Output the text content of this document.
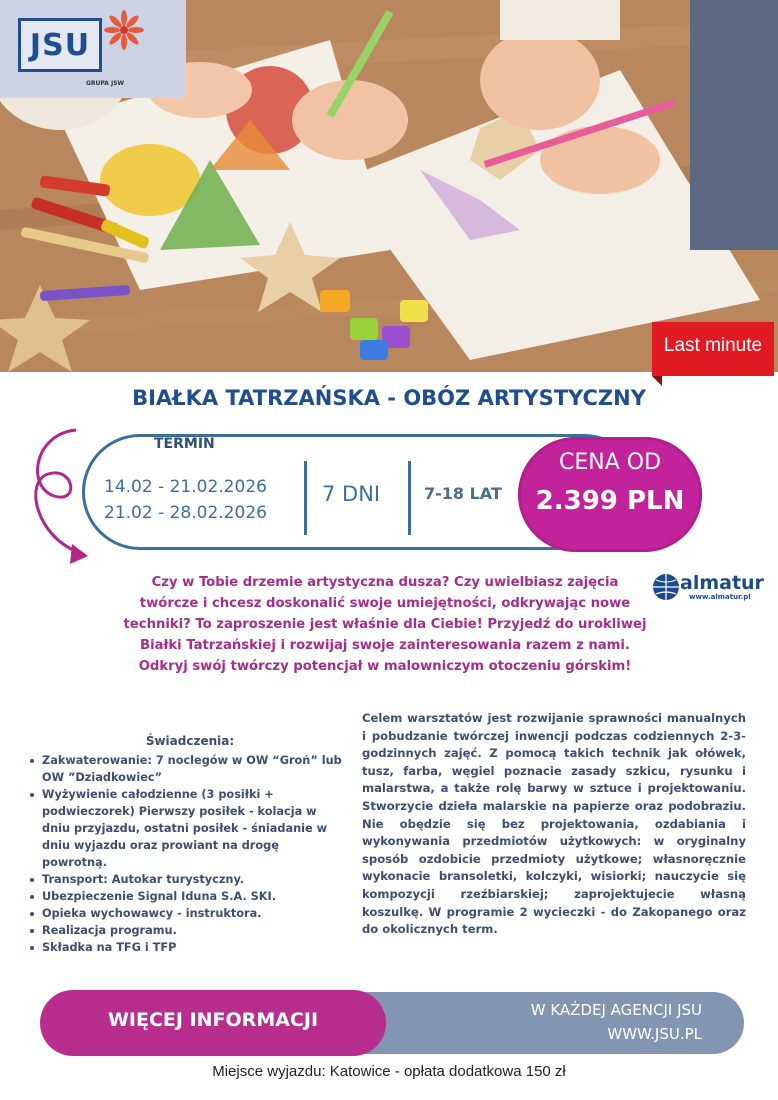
JSU
GRUPA JSW
Last minute
BIAŁKA TATRZAŃSKA - OBÓZ ARTYSTYCZNY
TERMIN
14.02 - 21.02.2026
21.02 - 28.02.2026
7 DNI	7-18 LAT
CENA OD
2.399 PLN
Czy w Tobie drzemie artystyczna dusza? Czy uwielbiasz zajęcia
twórcze i chcesz doskonalić swoje umiejętności, odkrywając nowe
techniki? To zaproszenie jest właśnie dla Ciebie! Przyjedź do urokliwej
Białki Tatrzańskiej i rozwijaj swoje zainteresowania razem z nami.
Odkryj swój twórczy potencjał w malowniczym otoczeniu górskim!
almatur
www.almatur.pl
Świadczenia:
Zakwaterowanie: 7 noclegów w OW “Groń” lub OW ”Dziadkowiec”
Wyżywienie całodzienne (3 posiłki + podwieczorek) Pierwszy posiłek - kolacja w dniu przyjazdu, ostatni posiłek - śniadanie w dniu wyjazdu oraz prowiant na drogę powrotną.
Transport: Autokar turystyczny.
Ubezpieczenie Signal Iduna S.A. SKI.
Opieka wychowawcy - instruktora.
Realizacja programu.
Składka na TFG i TFP
Celem warsztatów jest rozwijanie sprawności manualnych i pobudzanie twórczej inwencji podczas codziennych 2-3-godzinnych zajęć. Z pomocą takich technik jak ołówek, tusz, farba, węgiel poznacie zasady szkicu, rysunku i malarstwa, a także rolę barwy w sztuce i projektowaniu. Stworzycie dzieła malarskie na papierze oraz podobraziu. Nie obędzie się bez projektowania, ozdabiania i wykonywania przedmiotów użytkowych: w oryginalny sposób ozdobicie przedmioty użytkowe; własnoręcznie wykonacie bransoletki, kolczyki, wisiorki; nauczycie się kompozycji rzeźbiarskiej; zaprojektujecie własną koszulkę. W programie 2 wycieczki - do Zakopanego oraz do okolicznych term.
WIĘCEJ INFORMACJI	W KAŻDEJ AGENCJI JSU
WWW.JSU.PL
Miejsce wyjazdu: Katowice - opłata dodatkowa 150 zł
